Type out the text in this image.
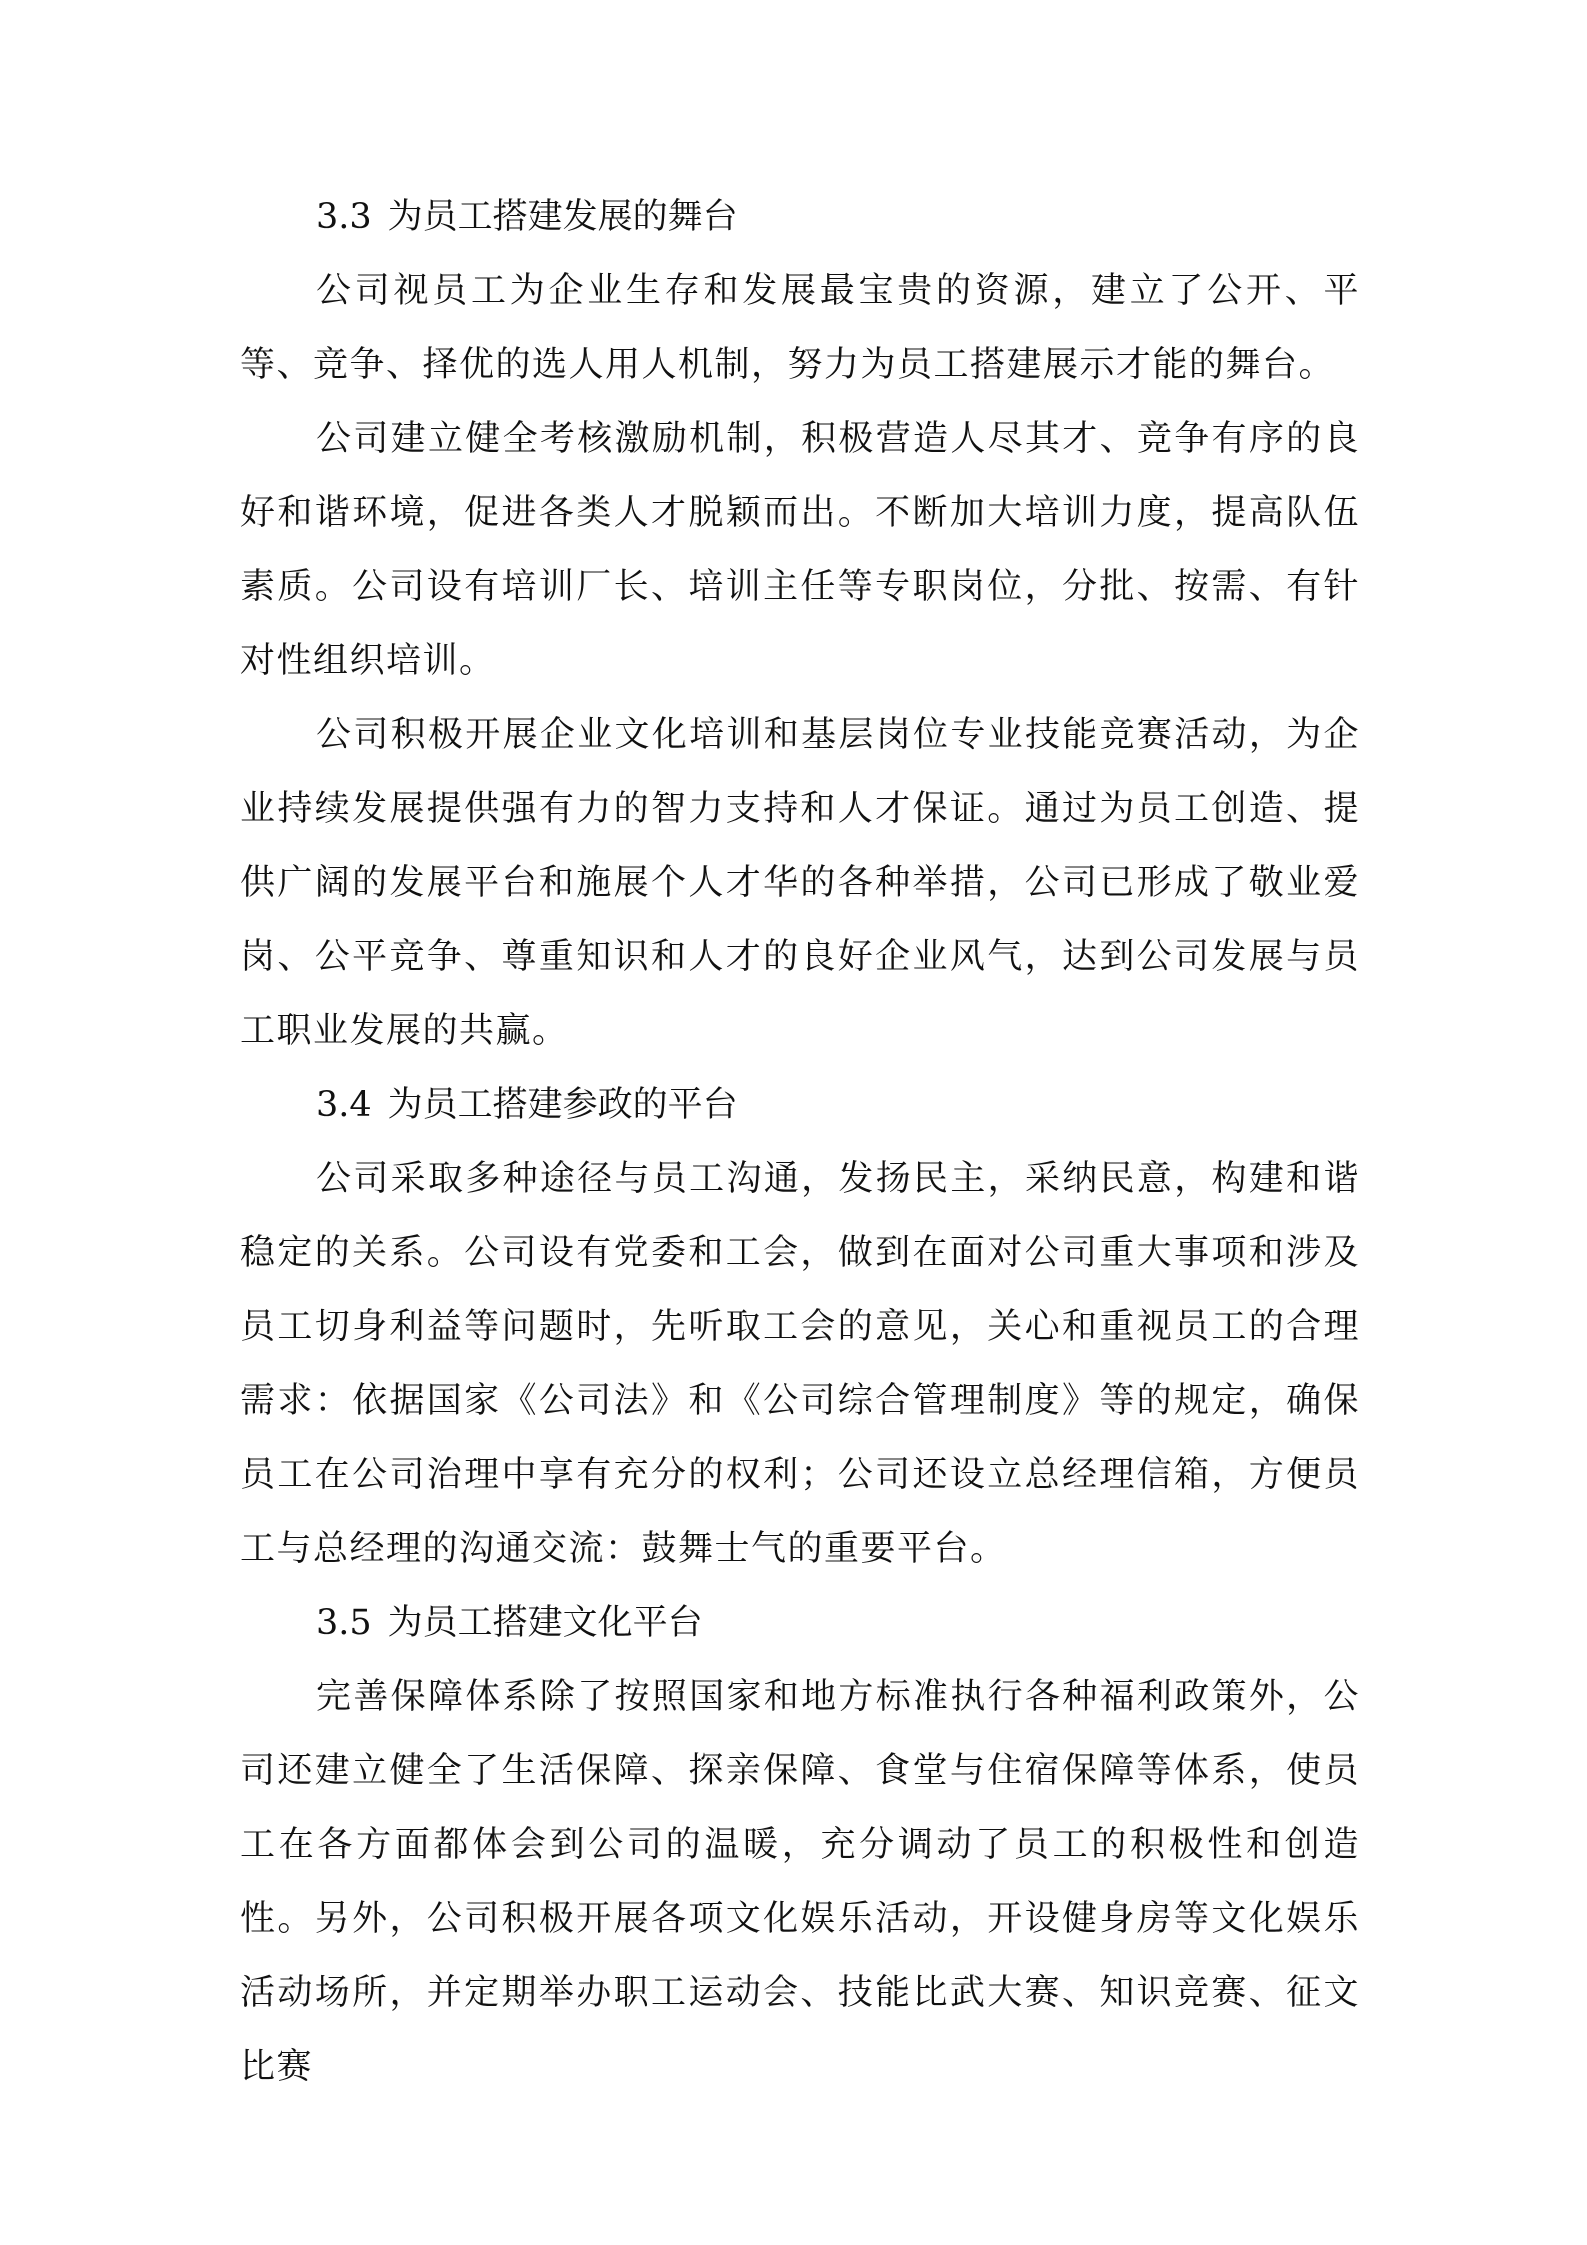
3.3 为员工搭建发展的舞台

公司视员工为企业生存和发展最宝贵的资源，建立了公开、平等、竞争、择优的选人用人机制，努力为员工搭建展示才能的舞台。

公司建立健全考核激励机制，积极营造人尽其才、竞争有序的良好和谐环境，促进各类人才脱颖而出。不断加大培训力度，提高队伍素质。公司设有培训厂长、培训主任等专职岗位，分批、按需、有针对性组织培训。

公司积极开展企业文化培训和基层岗位专业技能竞赛活动，为企业持续发展提供强有力的智力支持和人才保证。通过为员工创造、提供广阔的发展平台和施展个人才华的各种举措，公司已形成了敬业爱岗、公平竞争、尊重知识和人才的良好企业风气，达到公司发展与员工职业发展的共赢。

3.4 为员工搭建参政的平台

公司采取多种途径与员工沟通，发扬民主，采纳民意，构建和谐稳定的关系。公司设有党委和工会，做到在面对公司重大事项和涉及员工切身利益等问题时，先听取工会的意见，关心和重视员工的合理需求：依据国家《公司法》和《公司综合管理制度》等的规定，确保员工在公司治理中享有充分的权利；公司还设立总经理信箱，方便员工与总经理的沟通交流：鼓舞士气的重要平台。

3.5 为员工搭建文化平台

完善保障体系除了按照国家和地方标准执行各种福利政策外，公司还建立健全了生活保障、探亲保障、食堂与住宿保障等体系，使员工在各方面都体会到公司的温暖，充分调动了员工的积极性和创造性。另外，公司积极开展各项文化娱乐活动，开设健身房等文化娱乐活动场所，并定期举办职工运动会、技能比武大赛、知识竞赛、征文比赛
